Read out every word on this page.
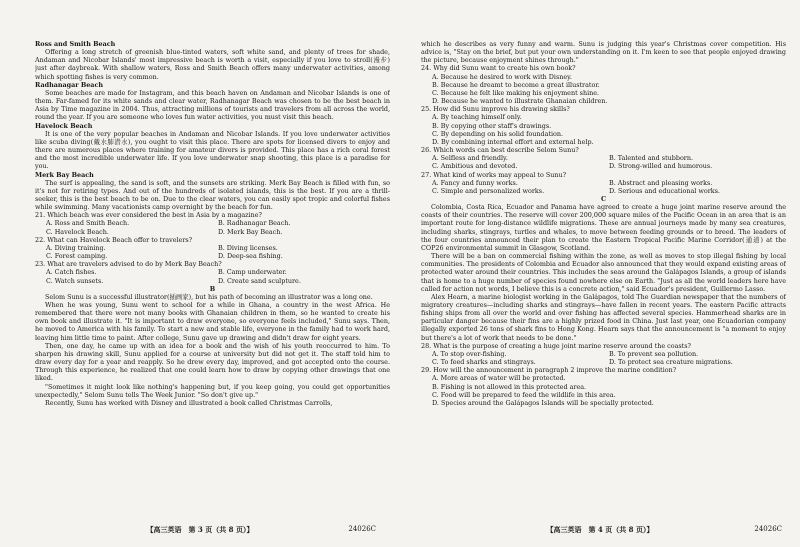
Ross and Smith Beach

Offering a long stretch of greenish blue-tinted waters, soft white sand, and plenty of trees for shade, Andaman and Nicobar Islands' most impressive beach is worth a visit, especially if you love to stroll(漫步) just after daybreak. With shallow waters, Ross and Smith Beach offers many underwater activities, among which spotting fishes is very common.

Radhanagar Beach

Some beaches are made for Instagram, and this beach haven on Andaman and Nicobar Islands is one of them. Far-famed for its white sands and clear water, Radhanagar Beach was chosen to be the best beach in Asia by Time magazine in 2004. Thus, attracting millions of tourists and travelers from all across the world, round the year. If you are someone who loves fun water activities, you must visit this beach.

Havelock Beach

It is one of the very popular beaches in Andaman and Nicobar Islands. If you love underwater activities like scuba diving(戴水肺潜水), you ought to visit this place. There are spots for licensed divers to enjoy and there are numerous places where training for amateur divers is provided. This place has a rich coral forest and the most incredible underwater life. If you love underwater snap shooting, this place is a paradise for you.

Merk Bay Beach

The surf is appealing, the sand is soft, and the sunsets are striking. Merk Bay Beach is filled with fun, so it's not for retiring types. And out of the hundreds of isolated islands, this is the best. If you are a thrill-seeker, this is the best beach to be on. Due to the clear waters, you can easily spot tropic and colorful fishes while swimming. Many vacationists camp overnight by the beach for fun.

21. Which beach was ever considered the best in Asia by a magazine?

A. Ross and Smith Beach.	B. Radhanagar Beach.
C. Havelock Beach.	D. Merk Bay Beach.

22. What can Havelock Beach offer to travelers?

A. Diving training.	B. Diving licenses.
C. Forest camping.	D. Deep-sea fishing.

23. What are travelers advised to do by Merk Bay Beach?

A. Catch fishes.	B. Camp underwater.
C. Watch sunsets.	D. Create sand sculpture.

B

Selom Sunu is a successful illustrator(插画家), but his path of becoming an illustrator was a long one.

When he was young, Sunu went to school for a while in Ghana, a country in the west Africa. He remembered that there were not many books with Ghanaian children in them, so he wanted to create his own book and illustrate it. "It is important to draw everyone, so everyone feels included," Sunu says. Then, he moved to America with his family. To start a new and stable life, everyone in the family had to work hard, leaving him little time to paint. After college, Sunu gave up drawing and didn't draw for eight years.

Then, one day, he came up with an idea for a book and the wish of his youth reoccurred to him. To sharpen his drawing skill, Sunu applied for a course at university but did not get it. The staff told him to draw every day for a year and reapply. So he drew every day, improved, and got accepted onto the course. Through this experience, he realized that one could learn how to draw by copying other drawings that one liked.

"Sometimes it might look like nothing's happening but, if you keep going, you could get opportunities unexpectedly," Selom Sunu tells The Week Junior. "So don't give up."

Recently, Sunu has worked with Disney and illustrated a book called Christmas Carrolls,

【高三英语　第 3 页（共 8 页）】	24026C

which he describes as very funny and warm. Sunu is judging this year's Christmas cover competition. His advice is, "Stay on the brief, but put your own understanding on it. I'm keen to see that people enjoyed drawing the picture, because enjoyment shines through."

24. Why did Sunu want to create his own book?

A. Because he desired to work with Disney.
B. Because he dreamt to become a great illustrator.
C. Because he felt like making his enjoyment shine.
D. Because he wanted to illustrate Ghanaian children.

25. How did Sunu improve his drawing skills?

A. By teaching himself only.
B. By copying other staff's drawings.
C. By depending on his solid foundation.
D. By combining internal effort and external help.

26. Which words can best describe Selom Sunu?

A. Selfless and friendly.	B. Talented and stubborn.
C. Ambitious and devoted.	D. Strong-willed and humorous.

27. What kind of works may appeal to Sunu?

A. Fancy and funny works.	B. Abstract and pleasing works.
C. Simple and personalized works.	D. Serious and educational works.

C

Colombia, Costa Rica, Ecuador and Panama have agreed to create a huge joint marine reserve around the coasts of their countries. The reserve will cover 200,000 square miles of the Pacific Ocean in an area that is an important route for long-distance wildlife migrations. These are annual journeys made by many sea creatures, including sharks, stingrays, turtles and whales, to move between feeding grounds or to breed. The leaders of the four countries announced their plan to create the Eastern Tropical Pacific Marine Corridor(通道) at the COP26 environmental summit in Glasgow, Scotland.

There will be a ban on commercial fishing within the zone, as well as moves to stop illegal fishing by local communities. The presidents of Colombia and Ecuador also announced that they would expand existing areas of protected water around their countries. This includes the seas around the Galápagos Islands, a group of islands that is home to a huge number of species found nowhere else on Earth. "Just as all the world leaders here have called for action not words, I believe this is a concrete action," said Ecuador's president, Guillermo Lasso.

Alex Hearn, a marine biologist working in the Galápagos, told The Guardian newspaper that the numbers of migratory creatures—including sharks and stingrays—have fallen in recent years. The eastern Pacific attracts fishing ships from all over the world and over fishing has affected several species. Hammerhead sharks are in particular danger because their fins are a highly prized food in China. Just last year, one Ecuadorian company illegally exported 26 tons of shark fins to Hong Kong. Hearn says that the announcement is "a moment to enjoy but there's a lot of work that needs to be done."

28. What is the purpose of creating a huge joint marine reserve around the coasts?

A. To stop over-fishing.	B. To prevent sea pollution.
C. To feed sharks and stingrays.	D. To protect sea creature migrations.

29. How will the announcement in paragraph 2 improve the marine condition?

A. More areas of water will be protected.
B. Fishing is not allowed in this protected area.
C. Food will be prepared to feed the wildlife in this area.
D. Species around the Galápagos Islands will be specially protected.
【高三英语　第 4 页（共 8 页）】	24026C
